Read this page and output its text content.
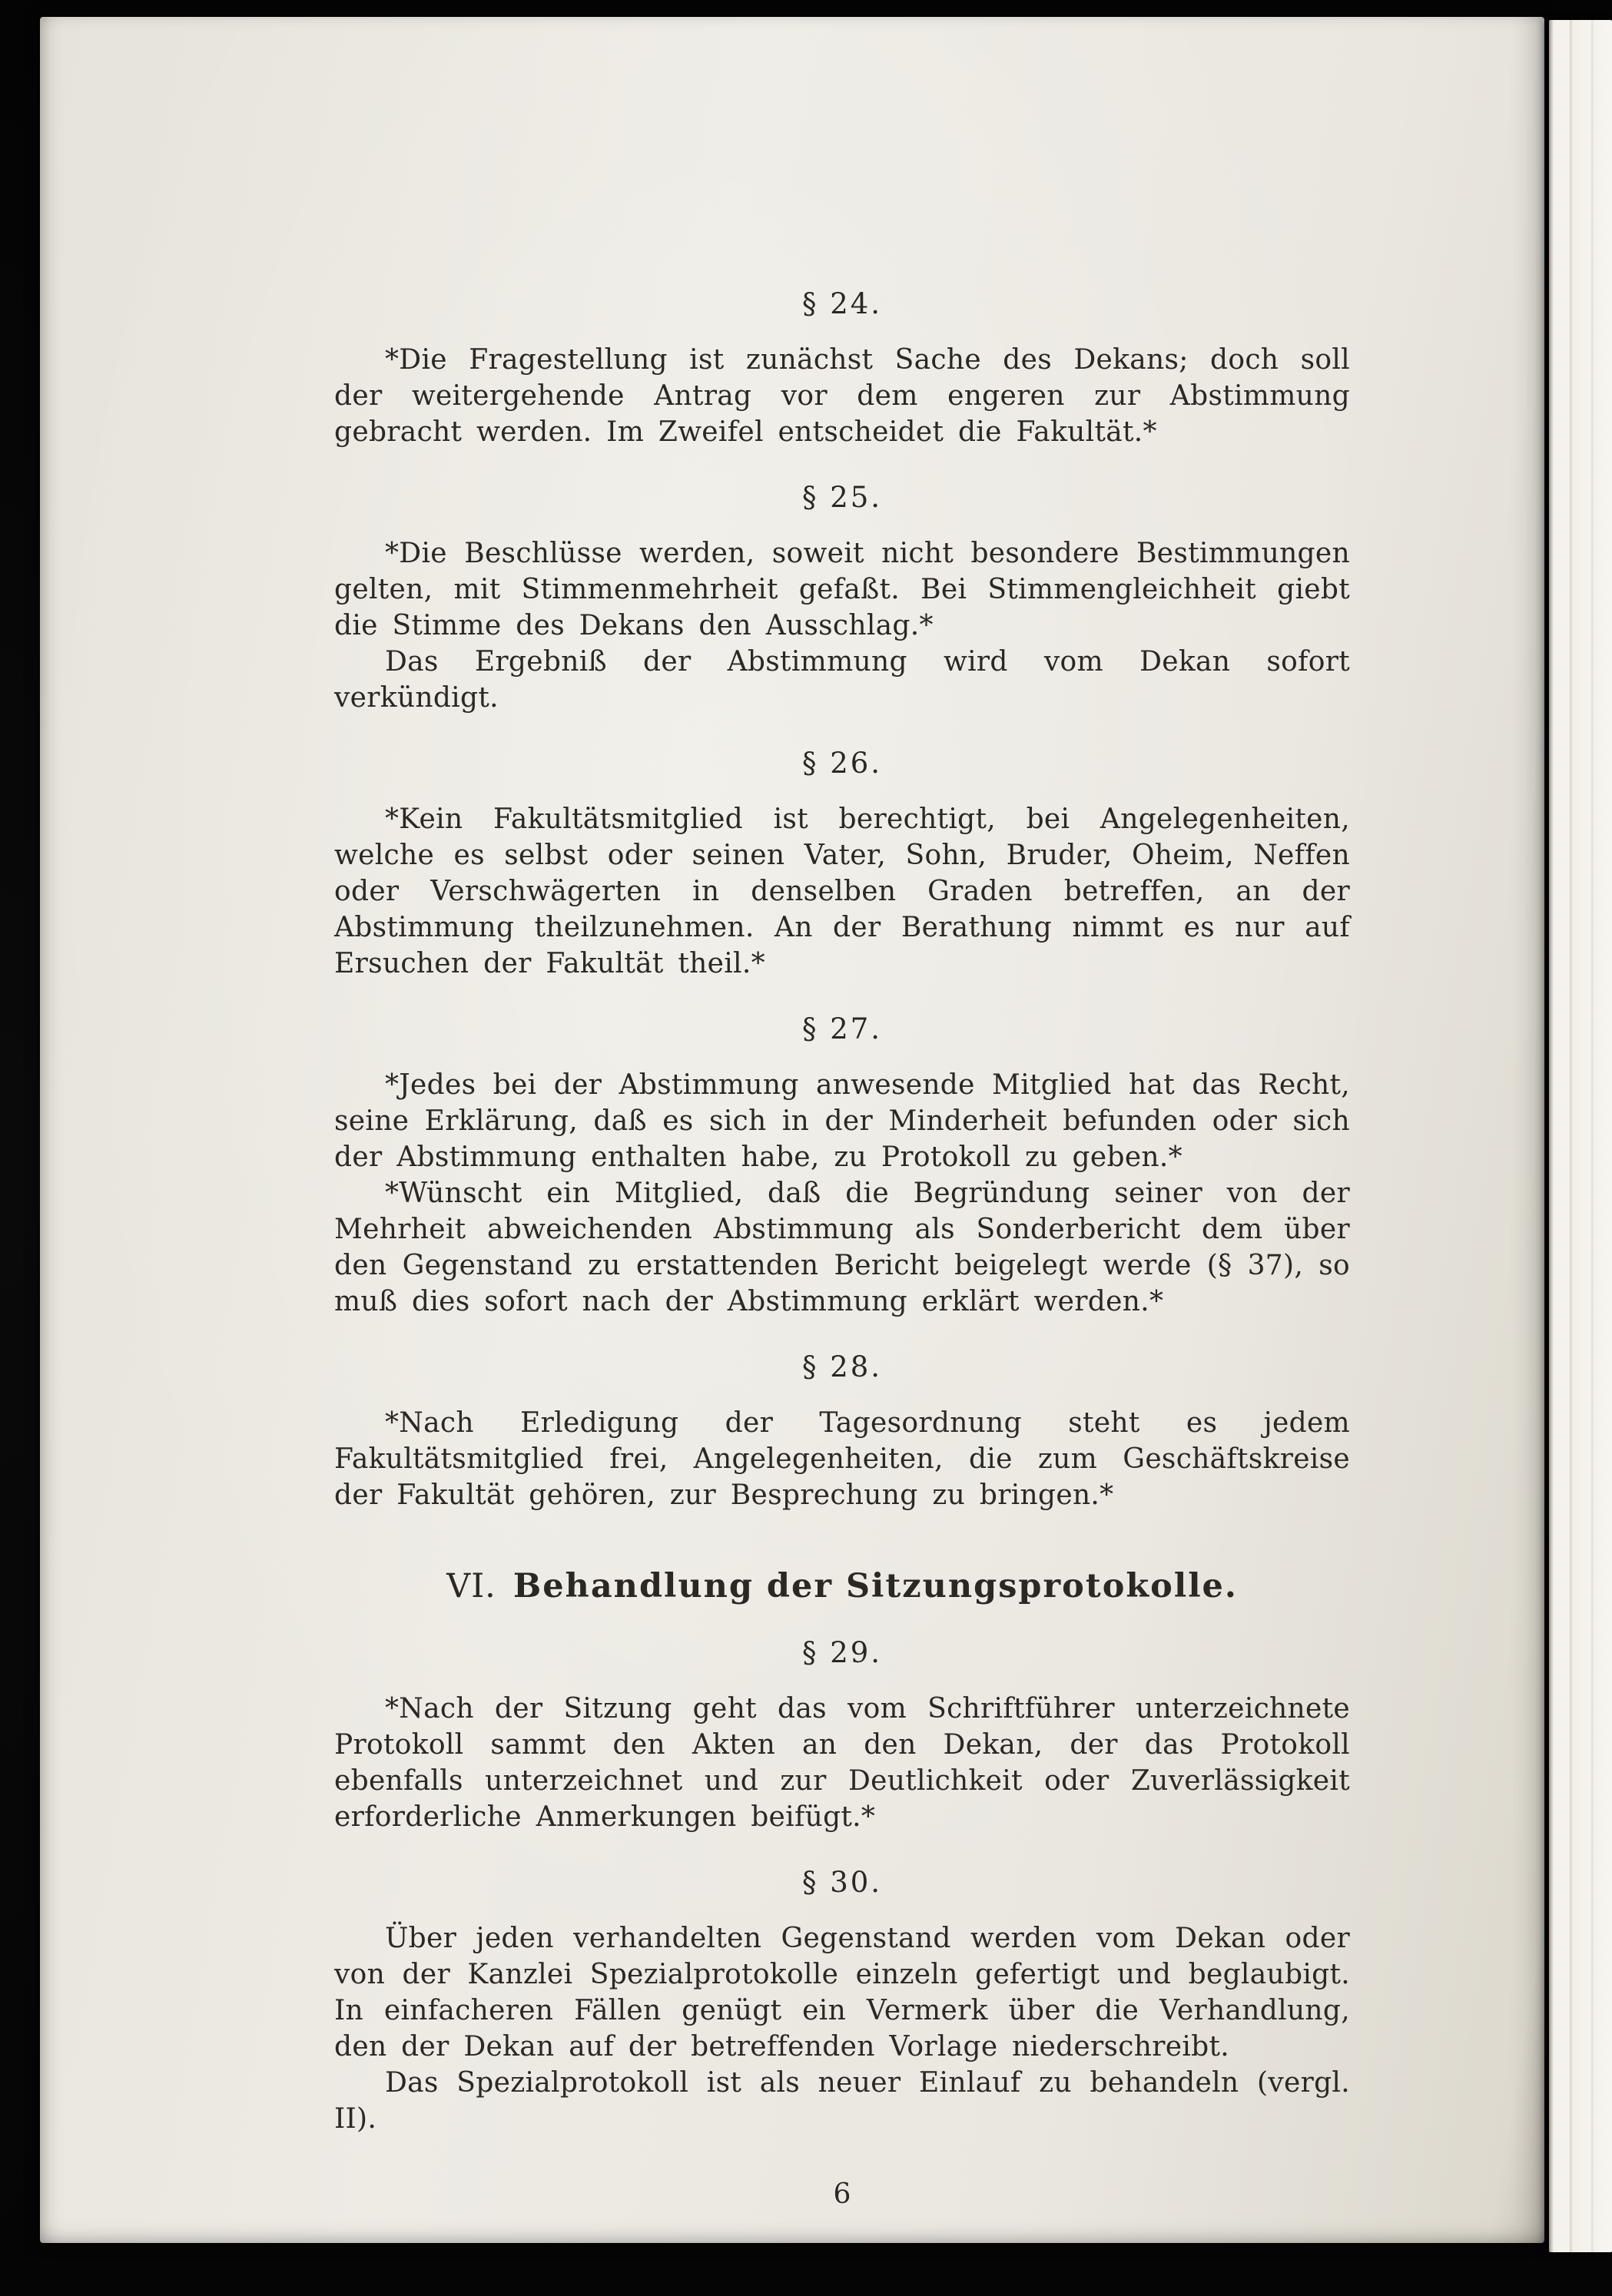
§ 24.

*Die Fragestellung ist zunächst Sache des Dekans; doch soll der weitergehende Antrag vor dem engeren zur Abstimmung gebracht werden. Im Zweifel entscheidet die Fakultät.*

§ 25.

*Die Beschlüsse werden, soweit nicht besondere Bestimmungen gelten, mit Stimmenmehrheit gefaßt. Bei Stimmengleichheit giebt die Stimme des Dekans den Ausschlag.*

Das Ergebniß der Abstimmung wird vom Dekan sofort verkündigt.

§ 26.

*Kein Fakultätsmitglied ist berechtigt, bei Angelegenheiten, welche es selbst oder seinen Vater, Sohn, Bruder, Oheim, Neffen oder Verschwägerten in denselben Graden betreffen, an der Abstimmung theilzunehmen. An der Berathung nimmt es nur auf Ersuchen der Fakultät theil.*

§ 27.

*Jedes bei der Abstimmung anwesende Mitglied hat das Recht, seine Erklärung, daß es sich in der Minderheit befunden oder sich der Abstimmung enthalten habe, zu Protokoll zu geben.*

*Wünscht ein Mitglied, daß die Begründung seiner von der Mehrheit abweichenden Abstimmung als Sonderbericht dem über den Gegenstand zu erstattenden Bericht beigelegt werde (§ 37), so muß dies sofort nach der Abstimmung erklärt werden.*

§ 28.

*Nach Erledigung der Tagesordnung steht es jedem Fakultätsmitglied frei, Angelegenheiten, die zum Geschäftskreise der Fakultät gehören, zur Besprechung zu bringen.*

VI. Behandlung der Sitzungsprotokolle.
§ 29.

*Nach der Sitzung geht das vom Schriftführer unterzeichnete Protokoll sammt den Akten an den Dekan, der das Protokoll ebenfalls unterzeichnet und zur Deutlichkeit oder Zuverlässigkeit erforderliche Anmerkungen beifügt.*

§ 30.

Über jeden verhandelten Gegenstand werden vom Dekan oder von der Kanzlei Spezialprotokolle einzeln gefertigt und beglaubigt. In einfacheren Fällen genügt ein Vermerk über die Verhandlung, den der Dekan auf der betreffenden Vorlage niederschreibt.

Das Spezialprotokoll ist als neuer Einlauf zu behandeln (vergl. II).

6
